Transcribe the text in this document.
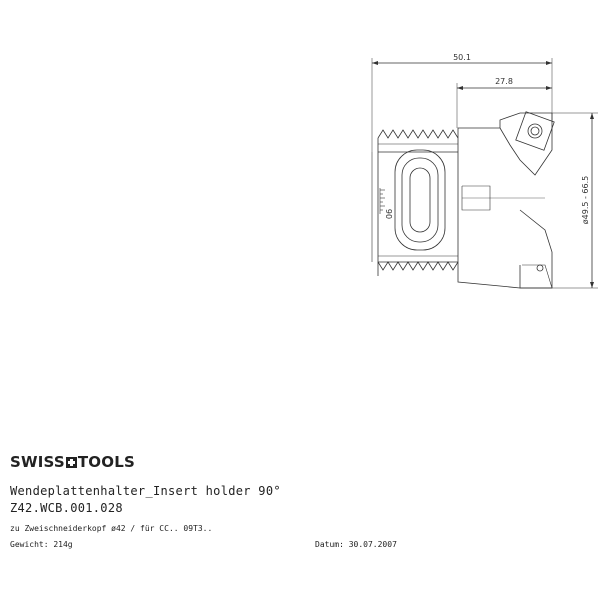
50.1
27.8
ø49.5 - 66.5
90
SWISS TOOLS
Wendeplattenhalter_Insert holder 90°
Z42.WCB.001.028
zu Zweischneiderkopf ø42 / für CC.. 09T3..
Gewicht: 214g	Datum: 30.07.2007
